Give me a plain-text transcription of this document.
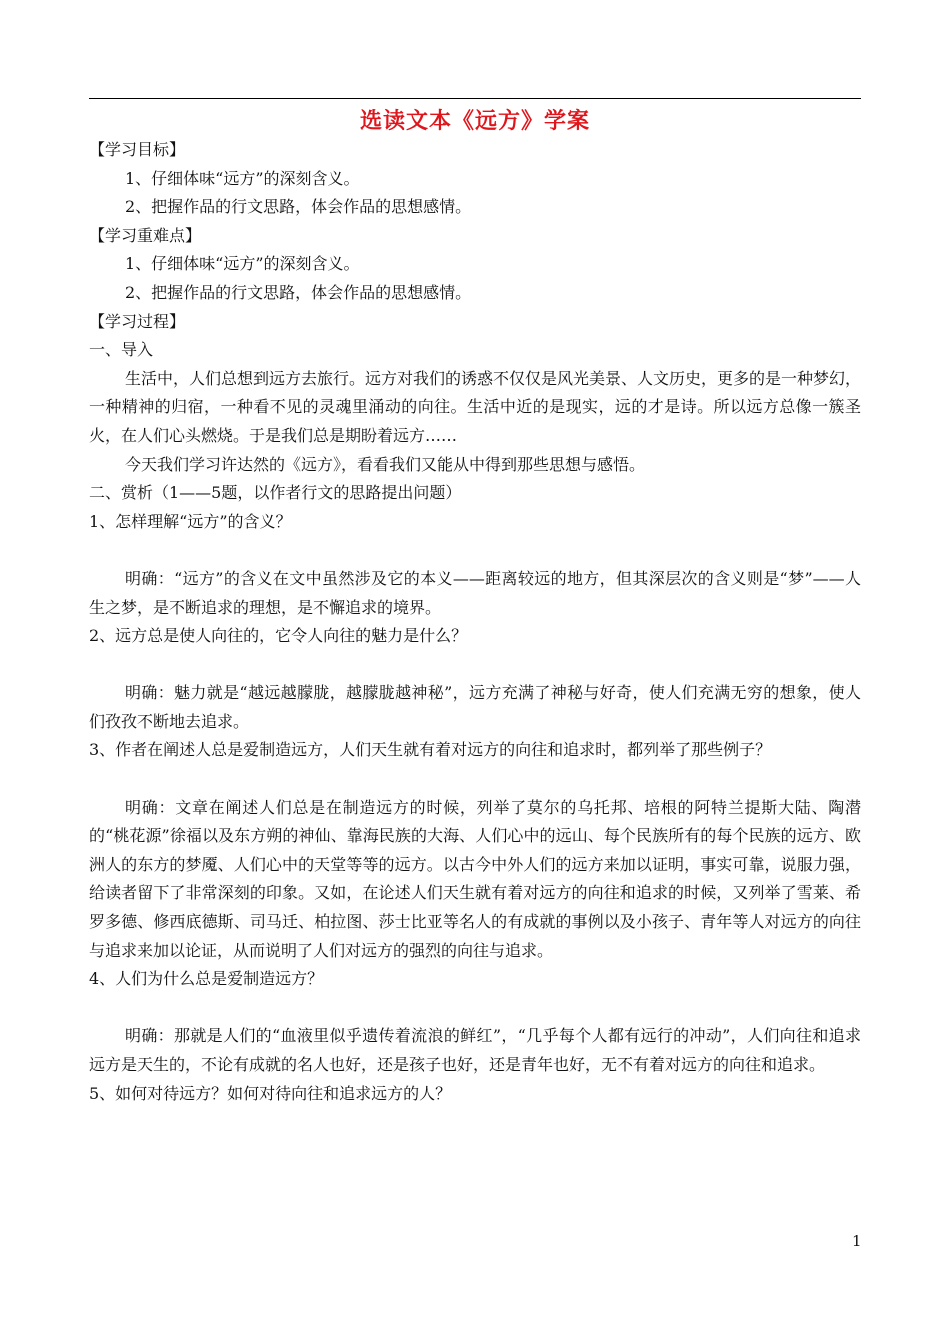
选读文本《远方》学案

【学习目标】

1、仔细体味“远方”的深刻含义。

2、把握作品的行文思路，体会作品的思想感情。

【学习重难点】

1、仔细体味“远方”的深刻含义。

2、把握作品的行文思路，体会作品的思想感情。

【学习过程】

一、导入

生活中，人们总想到远方去旅行。远方对我们的诱惑不仅仅是风光美景、人文历史，更多的是一种梦幻，一种精神的归宿，一种看不见的灵魂里涌动的向往。生活中近的是现实，远的才是诗。所以远方总像一簇圣火，在人们心头燃烧。于是我们总是期盼着远方……

今天我们学习许达然的《远方》，看看我们又能从中得到那些思想与感悟。

二、赏析（1——5题，以作者行文的思路提出问题）

1、怎样理解“远方”的含义？

明确：“远方”的含义在文中虽然涉及它的本义——距离较远的地方，但其深层次的含义则是“梦”——人生之梦，是不断追求的理想，是不懈追求的境界。

2、远方总是使人向往的，它令人向往的魅力是什么？

明确：魅力就是“越远越朦胧，越朦胧越神秘”，远方充满了神秘与好奇，使人们充满无穷的想象，使人们孜孜不断地去追求。

3、作者在阐述人总是爱制造远方，人们天生就有着对远方的向往和追求时，都列举了那些例子？

明确：文章在阐述人们总是在制造远方的时候，列举了莫尔的乌托邦、培根的阿特兰提斯大陆、陶潜的“桃花源”徐福以及东方朔的神仙、靠海民族的大海、人们心中的远山、每个民族所有的每个民族的远方、欧洲人的东方的梦魇、人们心中的天堂等等的远方。以古今中外人们的远方来加以证明，事实可靠，说服力强，给读者留下了非常深刻的印象。又如，在论述人们天生就有着对远方的向往和追求的时候，又列举了雪莱、希罗多德、修西底德斯、司马迁、柏拉图、莎士比亚等名人的有成就的事例以及小孩子、青年等人对远方的向往与追求来加以论证，从而说明了人们对远方的强烈的向往与追求。

4、人们为什么总是爱制造远方？

明确：那就是人们的“血液里似乎遗传着流浪的鲜红”，“几乎每个人都有远行的冲动”，人们向往和追求远方是天生的，不论有成就的名人也好，还是孩子也好，还是青年也好，无不有着对远方的向往和追求。

5、如何对待远方？如何对待向往和追求远方的人？

1
